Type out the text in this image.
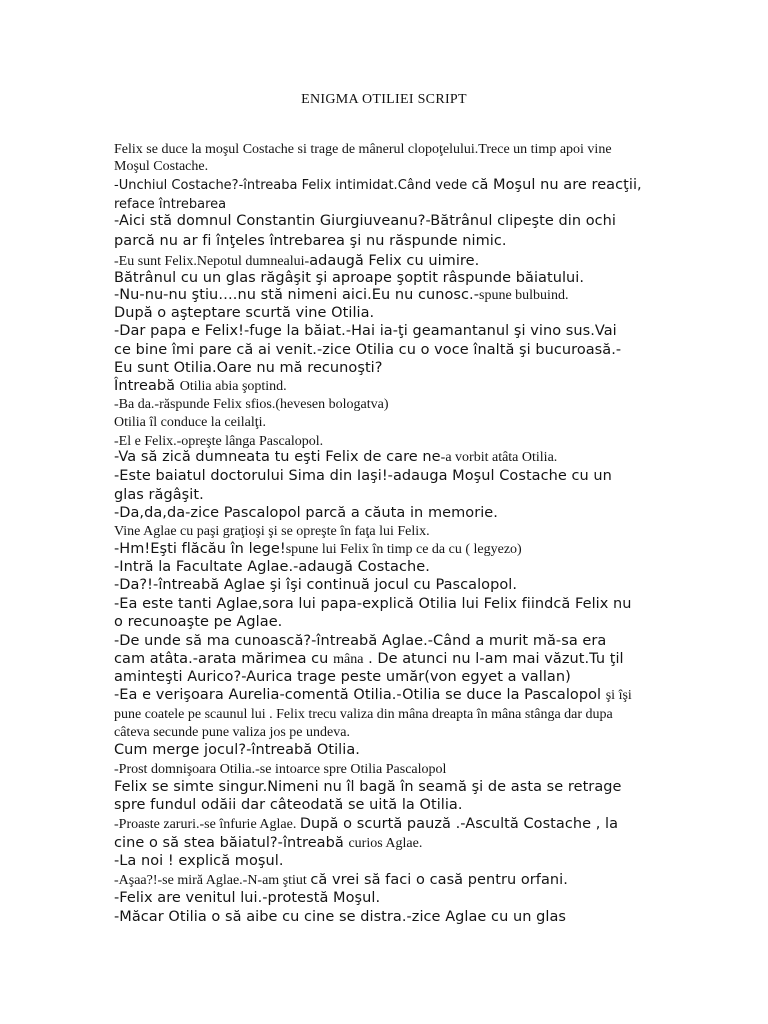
ENIGMA OTILIEI SCRIPT
Felix se duce la moşul Costache si trage de mânerul clopoţelului.Trece un timp apoi vine
Moşul Costache.
-Unchiul Costache?-întreaba Felix intimidat.Când vede că Moşul nu are reacţii,
reface întrebarea
-Aici stă domnul Constantin Giurgiuveanu?-Bătrânul clipeşte din ochi
parcă nu ar fi înţeles întrebarea şi nu răspunde nimic.
-Eu sunt Felix.Nepotul dumnealui-adaugă Felix cu uimire.
Bătrânul cu un glas răgâşit şi aproape şoptit râspunde băiatului.
-Nu-nu-nu ştiu….nu stă nimeni aici.Eu nu cunosc.-spune bulbuind.
După o aşteptare scurtă vine Otilia.
-Dar papa e Felix!-fuge la băiat.-Hai ia-ţi geamantanul şi vino sus.Vai
ce bine îmi pare că ai venit.-zice Otilia cu o voce înaltă şi bucuroasă.-
Eu sunt Otilia.Oare nu mă recunoşti?
Întreabă Otilia abia şoptind.
-Ba da.-răspunde Felix sfios.(hevesen bologatva)
Otilia îl conduce la ceilalţi.
-El e Felix.-opreşte lânga Pascalopol.
-Va să zică dumneata tu eşti Felix de care ne-a vorbit atâta Otilia.
-Este baiatul doctorului Sima din Iaşi!-adauga Moşul Costache cu un
glas răgâşit.
-Da,da,da-zice Pascalopol parcă a căuta in memorie.
Vine Aglae cu paşi graţioşi şi se opreşte în faţa lui Felix.
-Hm!Eşti flăcău în lege!spune lui Felix în timp ce da cu ( legyezo)
-Intră la Facultate Aglae.-adaugă Costache.
-Da?!-întreabă Aglae şi îşi continuă jocul cu Pascalopol.
-Ea este tanti Aglae,sora lui papa-explică Otilia lui Felix fiindcă Felix nu
o recunoaşte pe Aglae.
-De unde să ma cunoască?-întreabă Aglae.-Când a murit mă-sa era
cam atâta.-arata mărimea cu mâna . De atunci nu l-am mai văzut.Tu ţil
aminteşti Aurico?-Aurica trage peste umăr(von egyet a vallan)
-Ea e verişoara Aurelia-comentă Otilia.-Otilia se duce la Pascalopol şi îşi
pune coatele pe scaunul lui . Felix trecu valiza din mâna dreapta în mâna stânga dar dupa
câteva secunde pune valiza jos pe undeva.
Cum merge jocul?-întreabă Otilia.
-Prost domnişoara Otilia.-se intoarce spre Otilia Pascalopol
Felix se simte singur.Nimeni nu îl bagă în seamă şi de asta se retrage
spre fundul odăii dar câteodată se uită la Otilia.
-Proaste zaruri.-se înfurie Aglae. După o scurtă pauză .-Ascultă Costache , la
cine o să stea băiatul?-întreabă curios Aglae.
-La noi ! explică moşul.
-Aşaa?!-se miră Aglae.-N-am ştiut că vrei să faci o casă pentru orfani.
-Felix are venitul lui.-protestă Moşul.
-Măcar Otilia o să aibe cu cine se distra.-zice Aglae cu un glas
